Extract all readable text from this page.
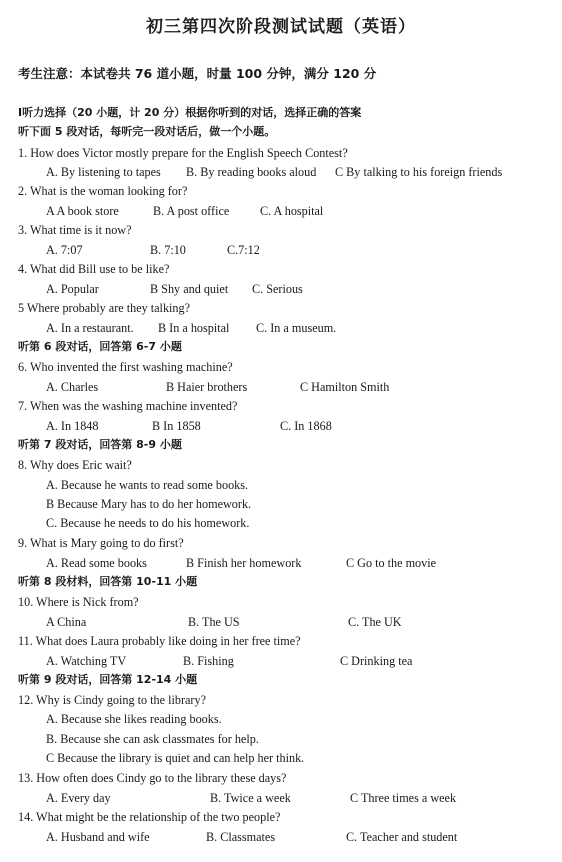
初三第四次阶段测试试题（英语）
考生注意：本试卷共 76 道小题，时量 100 分钟，满分 120 分
Ⅰ听力选择（20 小题，计 20 分）根据你听到的对话，选择正确的答案
听下面 5 段对话，每听完一段对话后，做一个小题。
1. How does Victor mostly prepare for the English Speech Contest?
A. By listening to tapes B. By reading books aloud C By talking to his foreign friends
2. What is the woman looking for?
A A book store	B. A post office	C. A hospital
3. What time is it now?
A. 7:07	B. 7:10	C.7:12
4. What did Bill use to be like?
A. Popular	B Shy and quiet C. Serious
5 Where probably are they talking?
A. In a restaurant. B In a hospital C. In a museum.
听第 6 段对话，回答第 6-7 小题
6. Who invented the first washing machine?
A. Charles	B Haier brothers	C Hamilton Smith
7. When was the washing machine invented?
A. In 1848	B In 1858	C. In 1868
听第 7 段对话，回答第 8-9 小题
8. Why does Eric wait?
A. Because he wants to read some books.
B Because Mary has to do her homework.
C. Because he needs to do his homework.
9. What is Mary going to do first?
A. Read some books	B Finish her homework	C Go to the movie
听第 8 段材料，回答第 10-11 小题
10. Where is Nick from?
A China	B. The US	C. The UK
11. What does Laura probably like doing in her free time?
A. Watching TV	B. Fishing	C Drinking tea
听第 9 段对话，回答第 12-14 小题
12. Why is Cindy going to the library?
A. Because she likes reading books.
B. Because she can ask classmates for help.
C Because the library is quiet and can help her think.
13. How often does Cindy go to the library these days?
A. Every day	B. Twice a week	C Three times a week
14. What might be the relationship of the two people?
A. Husband and wife	B. Classmates	C. Teacher and student
